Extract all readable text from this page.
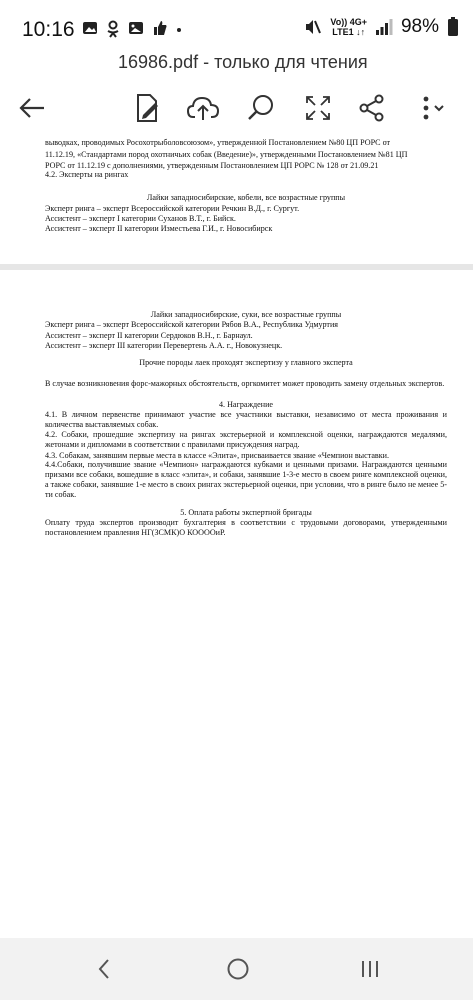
10:16	Vo)) 4G+
LTE1 ↓↑ 98%
16986.pdf - только для чтения
выводках, проводимых Росохотрыболовсоюзом», утвержденной Постановлением №80 ЦП РОРС от
11.12.19, «Стандартами пород охотничьих собак (Введение)», утвержденными Постановлением №81 ЦП
РОРС от 11.12.19 с дополнениями, утвержденным Постановлением ЦП РОРС № 128 от 21.09.21
4.2. Эксперты на рингах
Лайки западносибирские, кобели, все возрастные группы
Эксперт ринга – эксперт Всероссийской категории Речкин В.Д., г. Сургут.
Ассистент – эксперт I категории Суханов В.Т., г. Бийск.
Ассистент – эксперт II категории Изместьева Г.И., г. Новосибирск
Лайки западносибирские, суки, все возрастные группы
Эксперт ринга – эксперт Всероссийской категории Рябов В.А., Республика Удмуртия
Ассистент – эксперт II категории Сердюков В.Н., г. Барнаул.
Ассистент – эксперт III категории Перевертень А.А. г., Новокузнецк.
Прочие породы лаек проходят экспертизу у главного эксперта
В случае возникновения форс-мажорных обстоятельств, оргкомитет может проводить замену отдельных экспертов.
4. Награждение
4.1. В личном первенстве принимают участие все участники выставки, независимо от места проживания и количества выставляемых собак.
4.2. Собаки, прошедшие экспертизу на рингах экстерьерной и комплексной оценки, награждаются медалями, жетонами и дипломами в соответствии с правилами присуждения наград.
4.3. Собакам, занявшим первые места в классе «Элита», присваивается звание «Чемпион выставки.
4.4.Собаки, получившие звание «Чемпион» награждаются кубками и ценными призами. Награждаются ценными призами все собаки, вошедшие в класс «элита», и собаки, занявшие 1-3-е место в своем ринге комплексной оценки, а также собаки, занявшие 1-е место в своих рингах экстерьерной оценки, при условии, что в ринге было не менее 5-ти собак.
5. Оплата работы экспертной бригады
Оплату труда экспертов производит бухгалтерия в соответствии с трудовыми договорами, утвержденными постановлением правления НГ(ЗСМК)О КООООиР.
